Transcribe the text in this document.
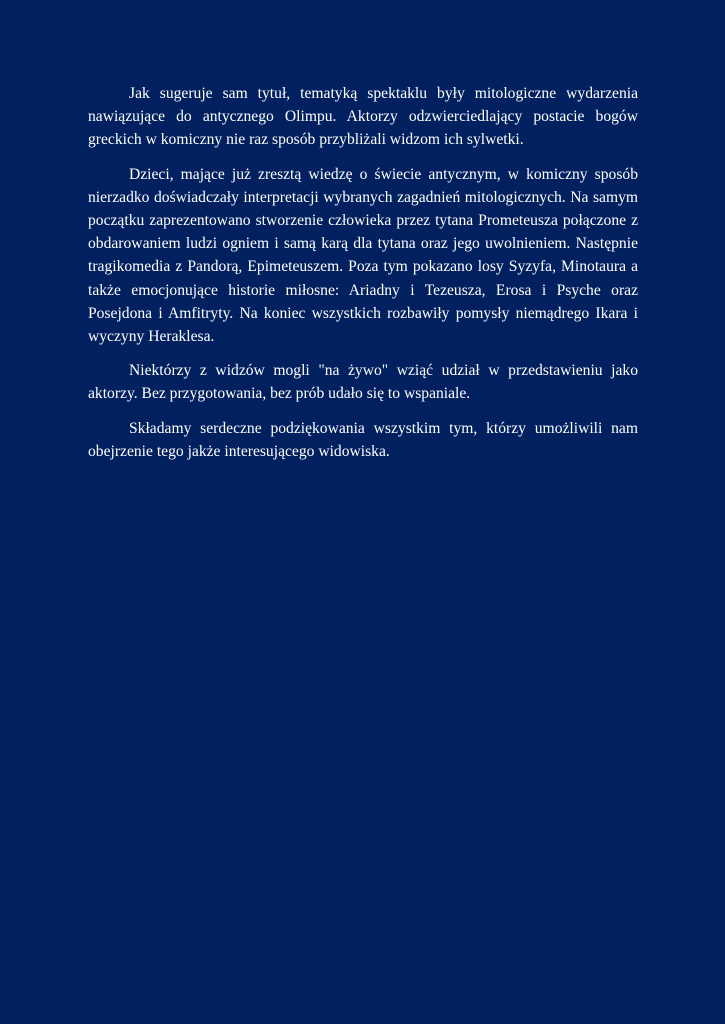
Jak sugeruje sam tytuł, tematyką spektaklu były mitologiczne wydarzenia nawiązujące do antycznego Olimpu. Aktorzy odzwierciedlający postacie bogów greckich w komiczny nie raz sposób przybliżali widzom ich sylwetki.

Dzieci, mające już zresztą wiedzę o świecie antycznym, w komiczny sposób nierzadko doświadczały interpretacji wybranych zagadnień mitologicznych. Na samym początku zaprezentowano stworzenie człowieka przez tytana Prometeusza połączone z obdarowaniem ludzi ogniem i samą karą dla tytana oraz jego uwolnieniem. Następnie tragikomedia z Pandorą, Epimeteuszem. Poza tym pokazano losy Syzyfa, Minotaura a także emocjonujące historie miłosne: Ariadny i Tezeusza, Erosa i Psyche oraz Posejdona i Amfitryty. Na koniec wszystkich rozbawiły pomysły niemądrego Ikara i wyczyny Heraklesa.

Niektórzy z widzów mogli "na żywo" wziąć udział w przedstawieniu jako aktorzy. Bez przygotowania, bez prób udało się to wspaniale.

Składamy serdeczne podziękowania wszystkim tym, którzy umożliwili nam obejrzenie tego jakże interesującego widowiska.
